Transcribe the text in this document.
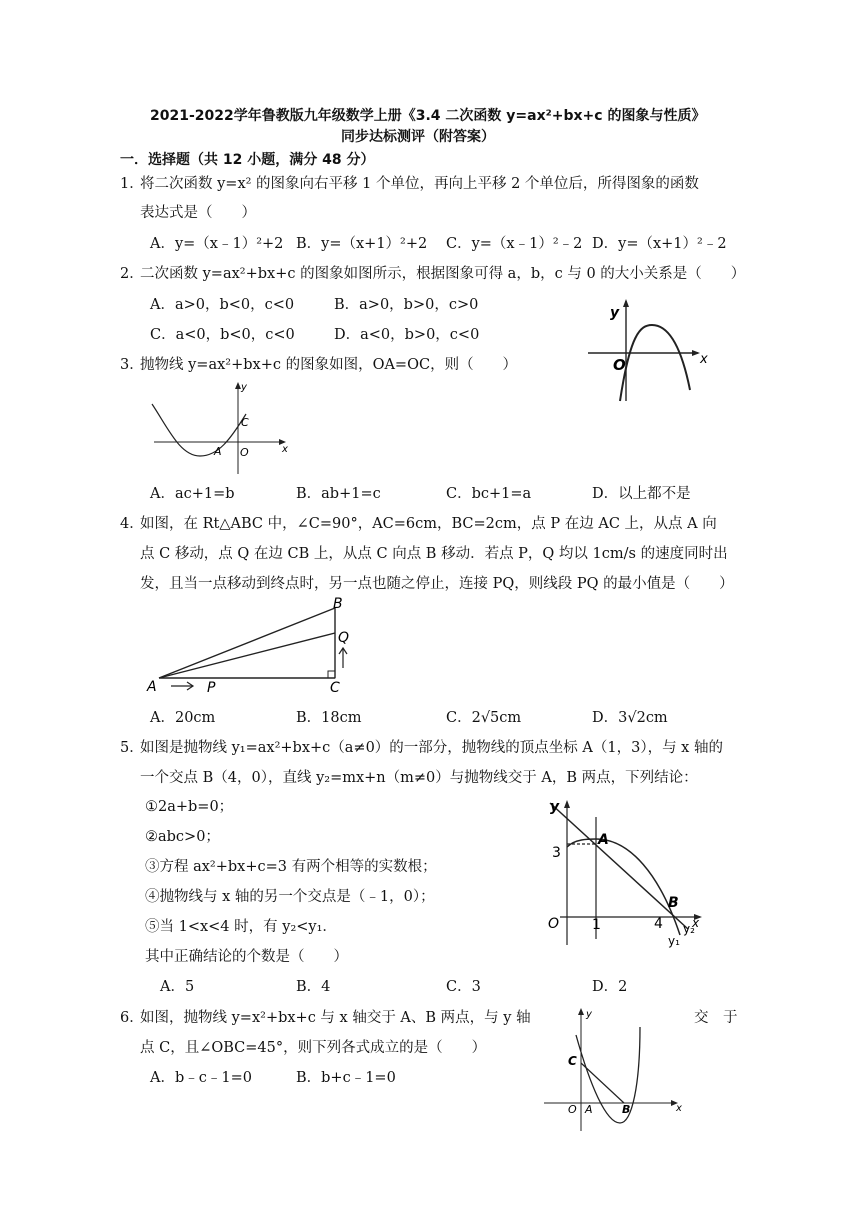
2021-2022学年鲁教版九年级数学上册《3.4 二次函数 y=ax²+bx+c 的图象与性质》
同步达标测评（附答案）
一．选择题（共 12 小题，满分 48 分）
1．
将二次函数 y=x² 的图象向右平移 1 个单位，再向上平移 2 个单位后，所得图象的函数
表达式是（　　）
A．y=（x﹣1）²+2 B．y=（x+1）²+2 C．y=（x﹣1）²﹣2 D．y=（x+1）²﹣2
2．
二次函数 y=ax²+bx+c 的图象如图所示，根据图象可得 a，b，c 与 0 的大小关系是（　　）
A．a>0，b<0，c<0	B．a>0，b>0，c>0
C．a<0，b<0，c<0	D．a<0，b>0，c<0
y
x
O
3．
抛物线 y=ax²+bx+c 的图象如图，OA=OC，则（　　）
y
x
C
A O
A．ac+1=b	B．ab+1=c	C．bc+1=a	D．以上都不是
4．
如图，在 Rt△ABC 中，∠C=90°，AC=6cm，BC=2cm，点 P 在边 AC 上，从点 A 向
点 C 移动，点 Q 在边 CB 上，从点 C 向点 B 移动．若点 P，Q 均以 1cm/s 的速度同时出
发，且当一点移动到终点时，另一点也随之停止，连接 PQ，则线段 PQ 的最小值是（　　）
A
B
C
P
Q
A．20cm	B．18cm	C．2√5cm	D．3√2cm
5．
如图是抛物线 y₁=ax²+bx+c（a≠0）的一部分，抛物线的顶点坐标 A（1，3），与 x 轴的
一个交点 B（4，0），直线 y₂=mx+n（m≠0）与抛物线交于 A，B 两点，下列结论：
①2a+b=0；
②abc>0；
③方程 ax²+bx+c=3 有两个相等的实数根；
④抛物线与 x 轴的另一个交点是（﹣1，0）；
⑤当 1<x<4 时，有 y₂<y₁．
其中正确结论的个数是（　　）
A．5	B．4	C．3	D．2
y
x
O
3
1	4
A
B
y₁
y₂
6．
如图，抛物线 y=x²+bx+c 与 x 轴交于 A、B 两点，与 y 轴	交　于
点 C，且∠OBC=45°，则下列各式成立的是（　　）
A．b﹣c﹣1=0	B．b+c﹣1=0
y
x
C
O A	B
